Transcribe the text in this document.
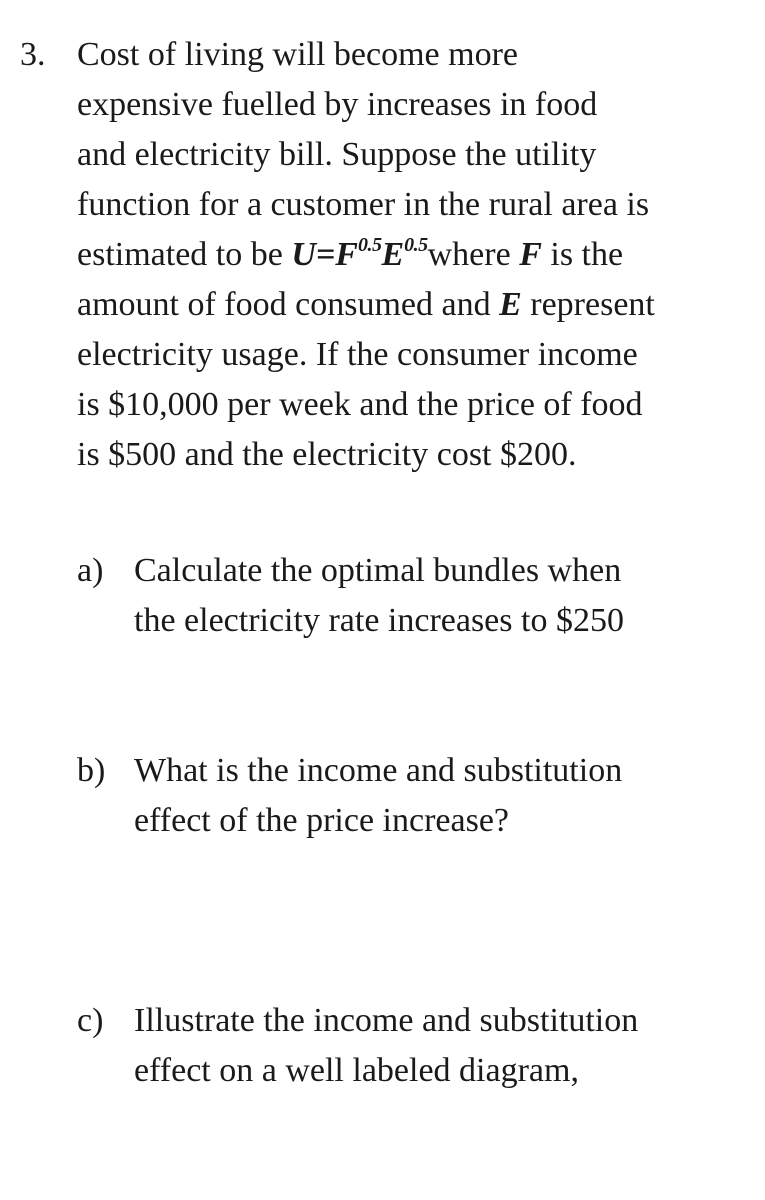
3. Cost of living will become more
expensive fuelled by increases in food
and electricity bill. Suppose the utility
function for a customer in the rural area is
estimated to be $U=F^{0.5}E^{0.5}where$ F is the
amount of food consumed and E represent
electricity usage. If the consumer income
is $10,000 per week and the price of food
is $500 and the electricity cost $200.
a) Calculate the optimal bundles when
the electricity rate increases to $250
b) What is the income and substitution
effect of the price increase?
c) Illustrate the income and substitution
effect on a well labeled diagram,
